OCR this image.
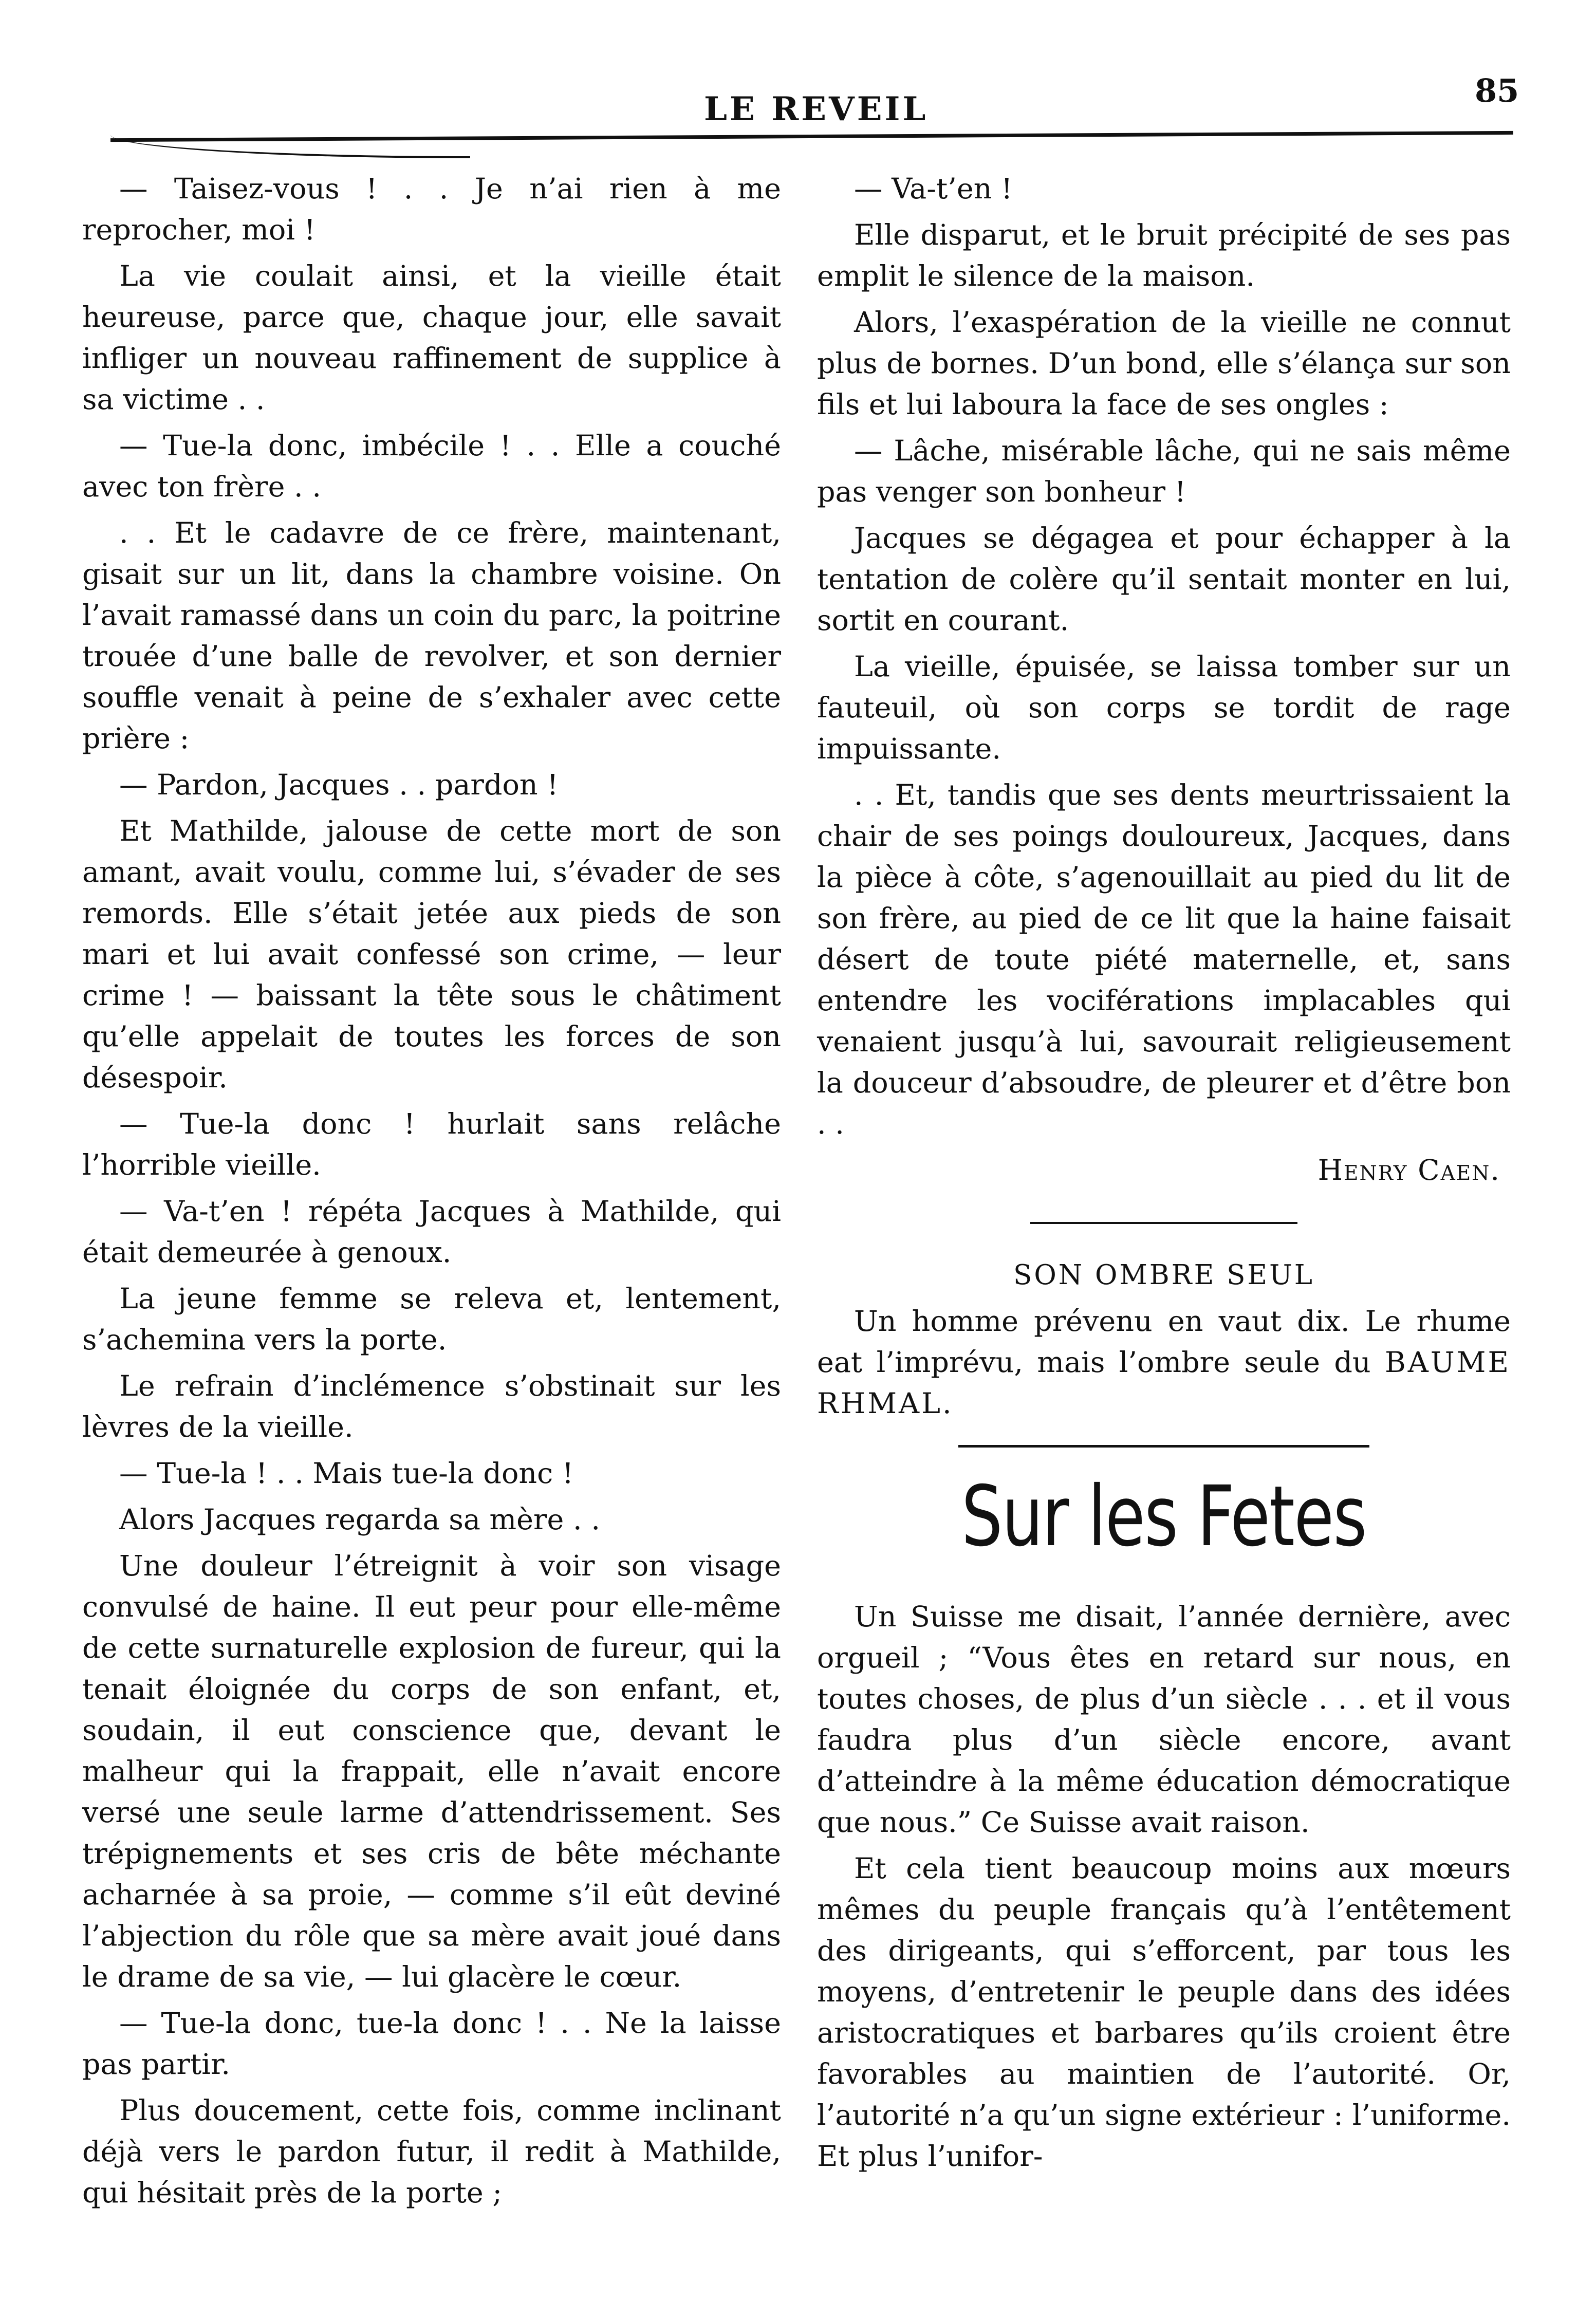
LE REVEIL	85

— Taisez-vous ! . . Je n’ai rien à me reprocher, moi !

La vie coulait ainsi, et la vieille était heureuse, parce que, chaque jour, elle savait infliger un nouveau raffinement de supplice à sa victime . .

— Tue-la donc, imbécile ! . . Elle a couché avec ton frère . .

. . Et le cadavre de ce frère, maintenant, gisait sur un lit, dans la chambre voisine. On l’avait ramassé dans un coin du parc, la poitrine trouée d’une balle de revolver, et son dernier souffle venait à peine de s’exhaler avec cette prière :

— Pardon, Jacques . . pardon !

Et Mathilde, jalouse de cette mort de son amant, avait voulu, comme lui, s’évader de ses remords. Elle s’était jetée aux pieds de son mari et lui avait confessé son crime, — leur crime ! — baissant la tête sous le châtiment qu’elle appelait de toutes les forces de son désespoir.

— Tue-la donc ! hurlait sans relâche l’horrible vieille.

— Va-t’en ! répéta Jacques à Mathilde, qui était demeurée à genoux.

La jeune femme se releva et, lentement, s’achemina vers la porte.

Le refrain d’inclémence s’obstinait sur les lèvres de la vieille.

— Tue-la ! . . Mais tue-la donc !

Alors Jacques regarda sa mère . .

Une douleur l’étreignit à voir son visage convulsé de haine. Il eut peur pour elle-même de cette surnaturelle explosion de fureur, qui la tenait éloignée du corps de son enfant, et, soudain, il eut conscience que, devant le malheur qui la frappait, elle n’avait encore versé une seule larme d’attendrissement. Ses trépignements et ses cris de bête méchante acharnée à sa proie, — comme s’il eût deviné l’abjection du rôle que sa mère avait joué dans le drame de sa vie, — lui glacère le cœur.

— Tue-la donc, tue-la donc ! . . Ne la laisse pas partir.

Plus doucement, cette fois, comme inclinant déjà vers le pardon futur, il redit à Mathilde, qui hésitait près de la porte ;

— Va-t’en !

Elle disparut, et le bruit précipité de ses pas emplit le silence de la maison.

Alors, l’exaspération de la vieille ne connut plus de bornes. D’un bond, elle s’élança sur son fils et lui laboura la face de ses ongles :

— Lâche, misérable lâche, qui ne sais même pas venger son bonheur !

Jacques se dégagea et pour échapper à la tentation de colère qu’il sentait monter en lui, sortit en courant.

La vieille, épuisée, se laissa tomber sur un fauteuil, où son corps se tordit de rage impuissante.

. . Et, tandis que ses dents meurtrissaient la chair de ses poings douloureux, Jacques, dans la pièce à côte, s’agenouillait au pied du lit de son frère, au pied de ce lit que la haine faisait désert de toute piété maternelle, et, sans entendre les vociférations implacables qui venaient jusqu’à lui, savourait religieusement la douceur d’absoudre, de pleurer et d’être bon . .

Henry Caen.

SON OMBRE SEUL

Un homme prévenu en vaut dix. Le rhume eat l’imprévu, mais l’ombre seule du BAUME RHMAL.

Sur les Fetes

Un Suisse me disait, l’année dernière, avec orgueil ; “Vous êtes en retard sur nous, en toutes choses, de plus d’un siècle . . . et il vous faudra plus d’un siècle encore, avant d’atteindre à la même éducation démocratique que nous.” Ce Suisse avait raison.

Et cela tient beaucoup moins aux mœurs mêmes du peuple français qu’à l’entêtement des dirigeants, qui s’efforcent, par tous les moyens, d’entretenir le peuple dans des idées aristocratiques et barbares qu’ils croient être favorables au maintien de l’autorité. Or, l’autorité n’a qu’un signe extérieur : l’uniforme. Et plus l’unifor-
